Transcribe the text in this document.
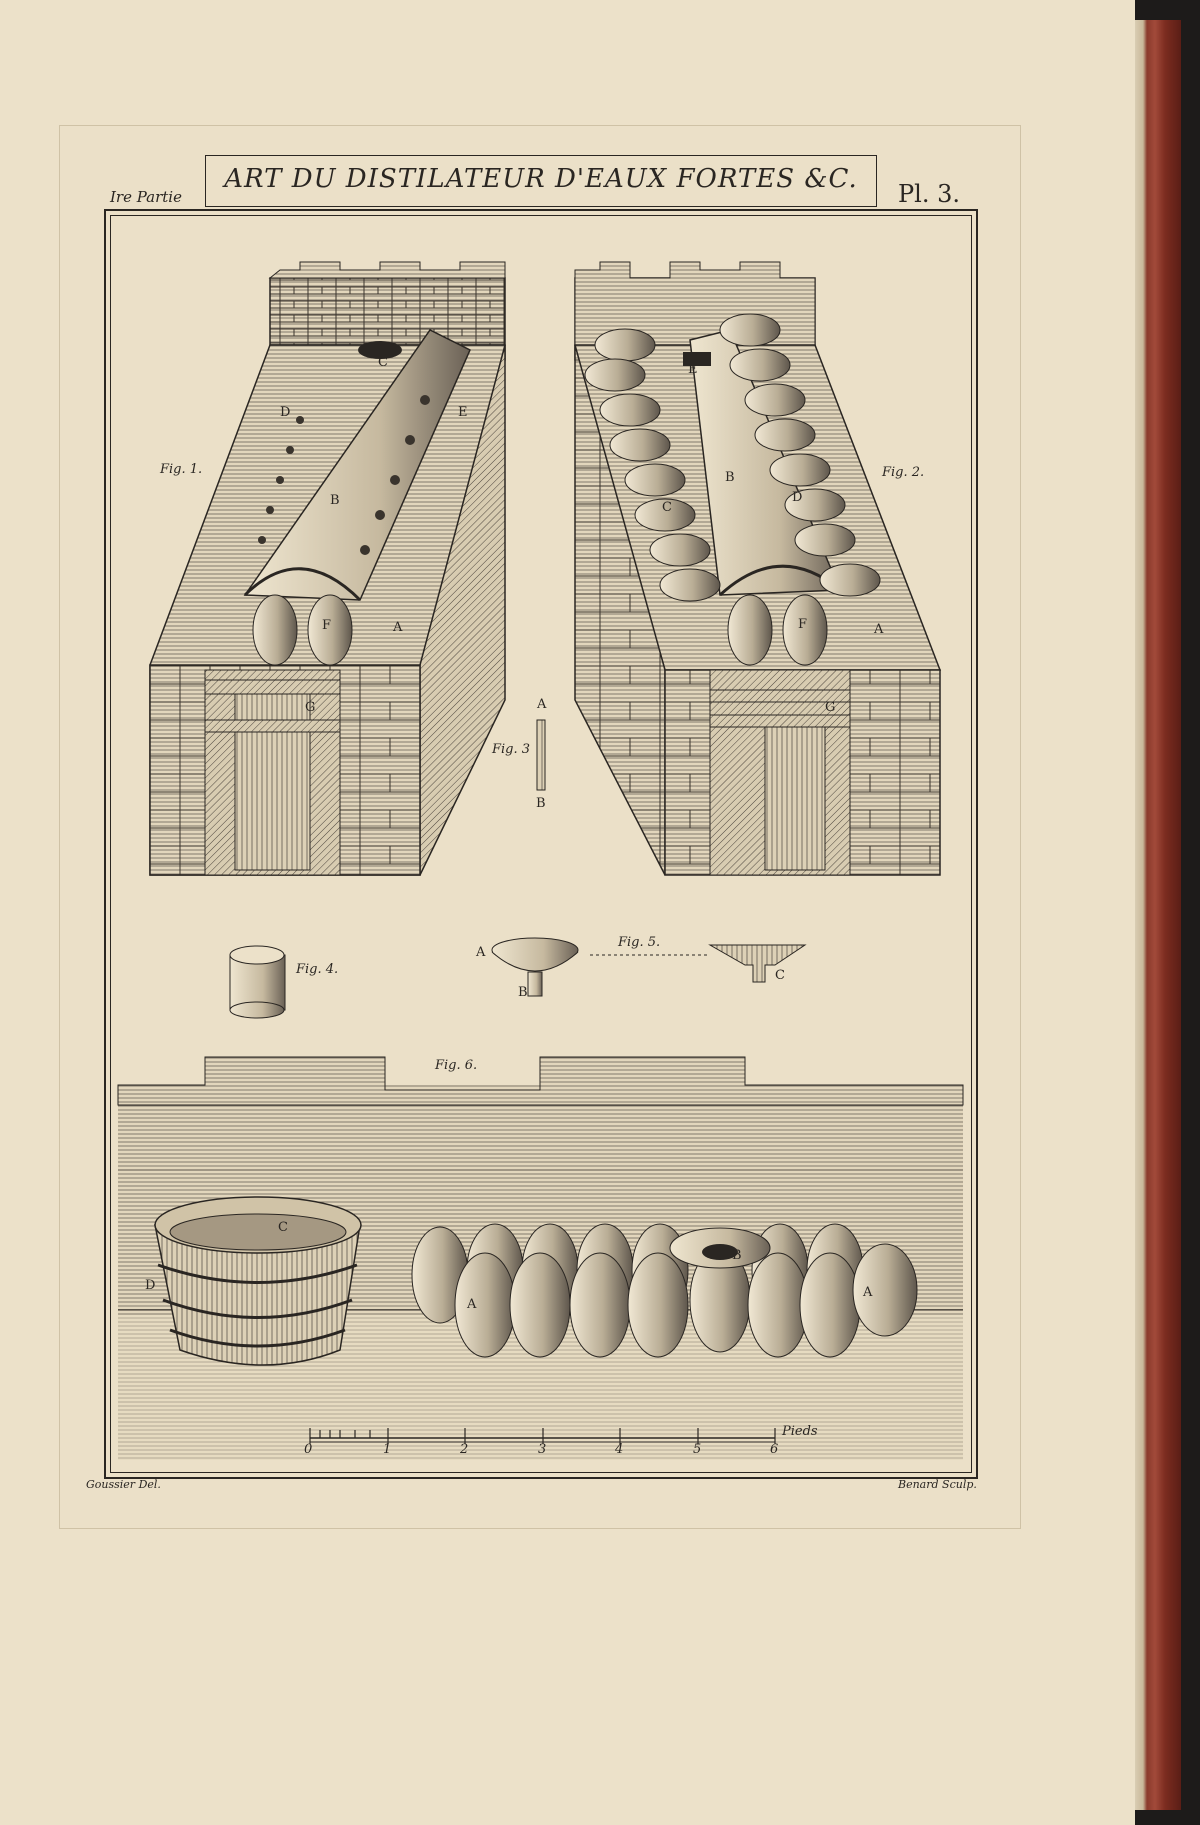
ART DU DISTILATEUR D'EAUX FORTES &C.
Ire Partie	Pl. 3.
Fig. 1.	Fig. 2.
Fig. 3
Fig. 4.
Fig. 5.
Fig. 6.
C
D	E
B
F	A
G
E
B
C
D
F	A
G
A
B
A
B
C
C
D
A
B
A
0	1	2	3	4	5	6
Pieds
Goussier Del.	Benard Sculp.
